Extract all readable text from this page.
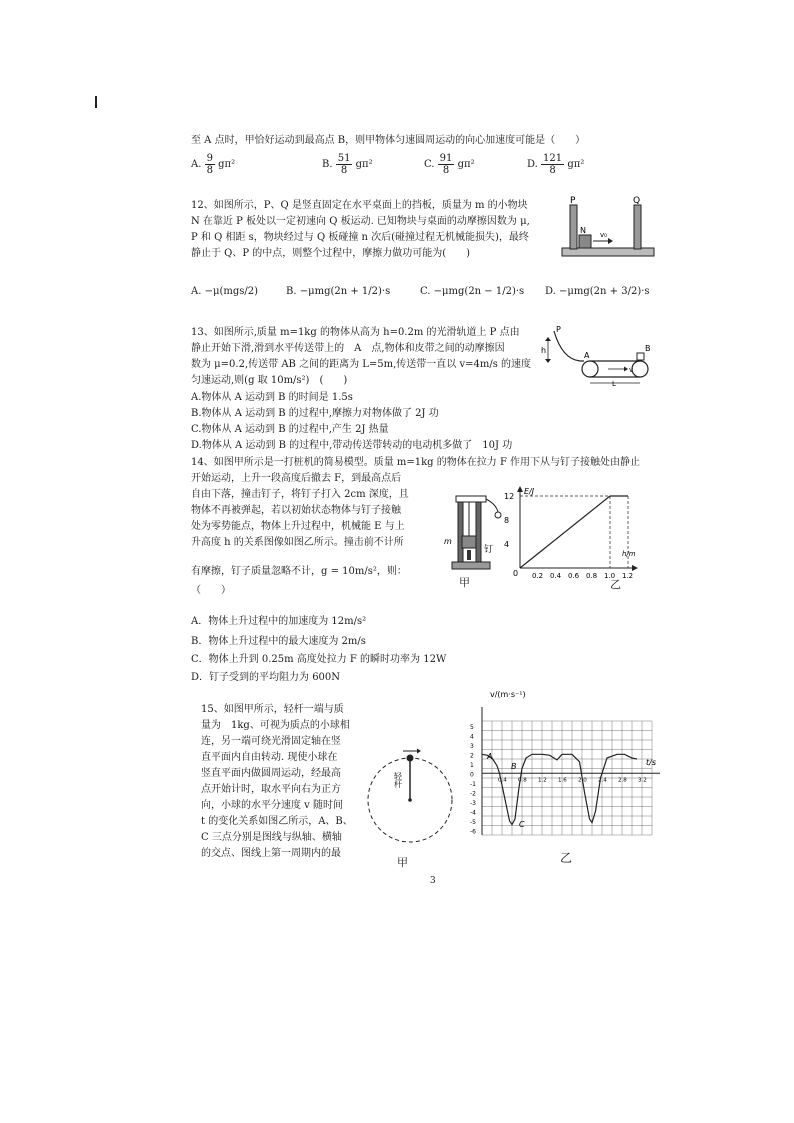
至 A 点时，甲恰好运动到最高点 B，则甲物体匀速圆周运动的向心加速度可能是（　　）
A. $\frac{9}{8} g\pi^2$	B. $\frac{51}{8} g\pi^2$	C. $\frac{91}{8} g\pi^2$	D. $\frac{121}{8} g\pi^2$
12、如图所示，P、Q 是竖直固定在水平桌面上的挡板，质量为 m 的小物块
N 在靠近 P 板处以一定初速向 Q 板运动. 已知物块与桌面的动摩擦因数为 μ,
P 和 Q 相距 s，物块经过与 Q 板碰撞 n 次后(碰撞过程无机械能损失)，最终
静止于 Q、P 的中点，则整个过程中，摩擦力做功可能为(　　)
P	Q
N v₀
A. −μ(mgs/2)	B. −μmg(2n + 1/2)·s	C. −μmg(2n − 1/2)·s D. −μmg(2n + 3/2)·s
13、如图所示,质量 m=1kg 的物体从高为 h=0.2m 的光滑轨道上 P 点由
静止开始下滑,滑到水平传送带上的　A　点,物体和皮带之间的动摩擦因
数为 μ=0.2,传送带 AB 之间的距离为 L=5m,传送带一直以 v=4m/s 的速度
匀速运动,则(g 取 10m/s²)　(　　)
A.物体从 A 运动到 B 的时间是 1.5s
B.物体从 A 运动到 B 的过程中,摩擦力对物体做了 2J 功
C.物体从 A 运动到 B 的过程中,产生 2J 热量
D.物体从 A 运动到 B 的过程中,带动传送带转动的电动机多做了　10J 功
P
h
A
B
v
L
14、如图甲所示是一打桩机的简易模型。质量 m=1kg 的物体在拉力 F 作用下从与钉子接触处由静止
开始运动，上升一段高度后撤去 F，到最高点后
自由下落，撞击钉子，将钉子打入 2cm 深度，且
物体不再被弹起，若以初始状态物体与钉子接触
处为零势能点，物体上升过程中，机械能 E 与上
升高度 h 的关系图像如图乙所示。撞击前不计所
有摩擦，钉子质量忽略不计，g = 10m/s²，则：
（　　）
m
钉
甲
12
8
4
0.2 0.4 0.6 0.8 1.0 1.2
E/J
h/m
0
乙
A．物体上升过程中的加速度为 12m/s²
B．物体上升过程中的最大速度为 2m/s
C．物体上升到 0.25m 高度处拉力 F 的瞬时功率为 12W
D．钉子受到的平均阻力为 600N
15、如图甲所示，轻杆一端与质
量为　1kg、可视为质点的小球相
连，另一端可绕光滑固定轴在竖
直平面内自由转动. 现使小球在
竖直平面内做圆周运动，经最高
点开始计时，取水平向右为正方
向，小球的水平分速度 v 随时间
t 的变化关系如图乙所示，A、B、
C 三点分别是图线与纵轴、横轴
的交点、图线上第一周期内的最
轻杆
甲
5
4
3
2
1
0
-1
-2
-3
-4
-5
-6
0.4 0.8 1.2 1.6 2.0 2.4 2.8 3.2
v/(m·s⁻¹)
t/s
A
B
C
乙
3
